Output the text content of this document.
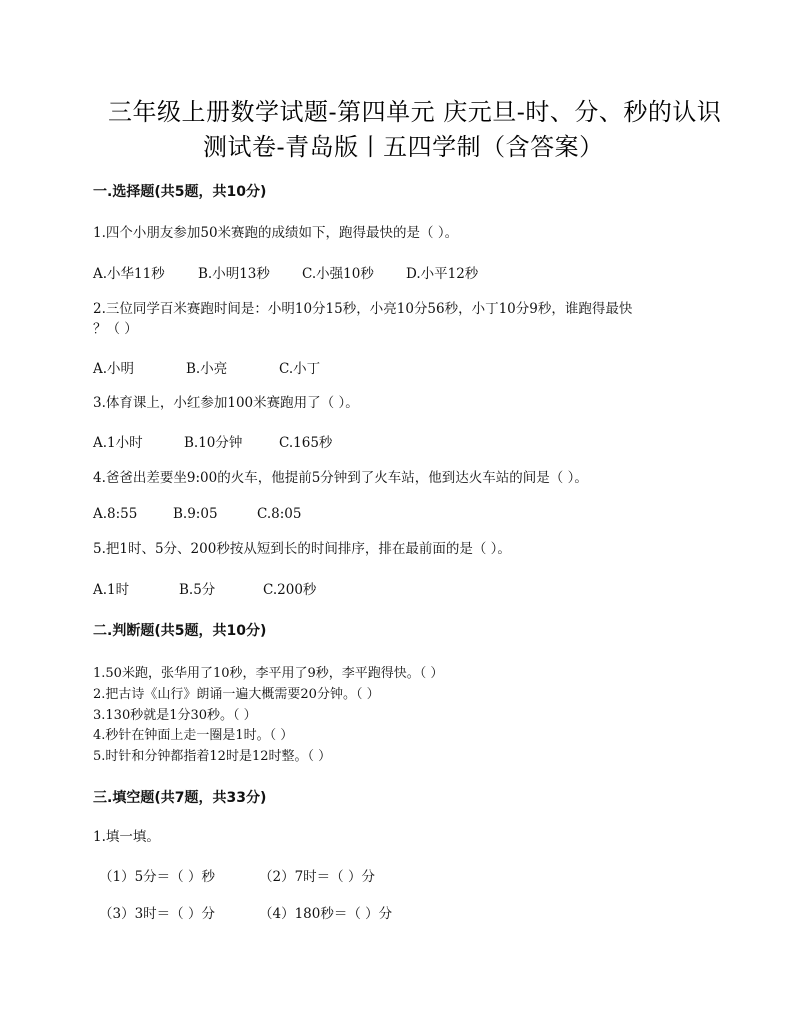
三年级上册数学试题-第四单元 庆元旦-时、分、秒的认识
测试卷-青岛版丨五四学制（含答案）
一.选择题(共5题，共10分)
1.四个小朋友参加50米赛跑的成绩如下，跑得最快的是（ ）。
A.小华11秒 B.小明13秒 C.小强10秒 D.小平12秒
2.三位同学百米赛跑时间是：小明10分15秒，小亮10分56秒，小丁10分9秒，谁跑得最快
？（ ）
A.小明	B.小亮	C.小丁
3.体育课上，小红参加100米赛跑用了（ ）。
A.1小时	B.10分钟	C.165秒
4.爸爸出差要坐9:00的火车，他提前5分钟到了火车站，他到达火车站的间是（ ）。
A.8:55	B.9:05	C.8:05
5.把1时、5分、200秒按从短到长的时间排序，排在最前面的是（ ）。
A.1时	B.5分	C.200秒
二.判断题(共5题，共10分)
1.50米跑，张华用了10秒，李平用了9秒，李平跑得快。（ ）
2.把古诗《山行》朗诵一遍大概需要20分钟。（ ）
3.130秒就是1分30秒。（ ）
4.秒针在钟面上走一圈是1时。（ ）
5.时针和分钟都指着12时是12时整。（ ）
三.填空题(共7题，共33分)
1.填一填。
（1）5分＝（ ）秒	（2）7时＝（ ）分
（3）3时＝（ ）分	（4）180秒＝（ ）分
